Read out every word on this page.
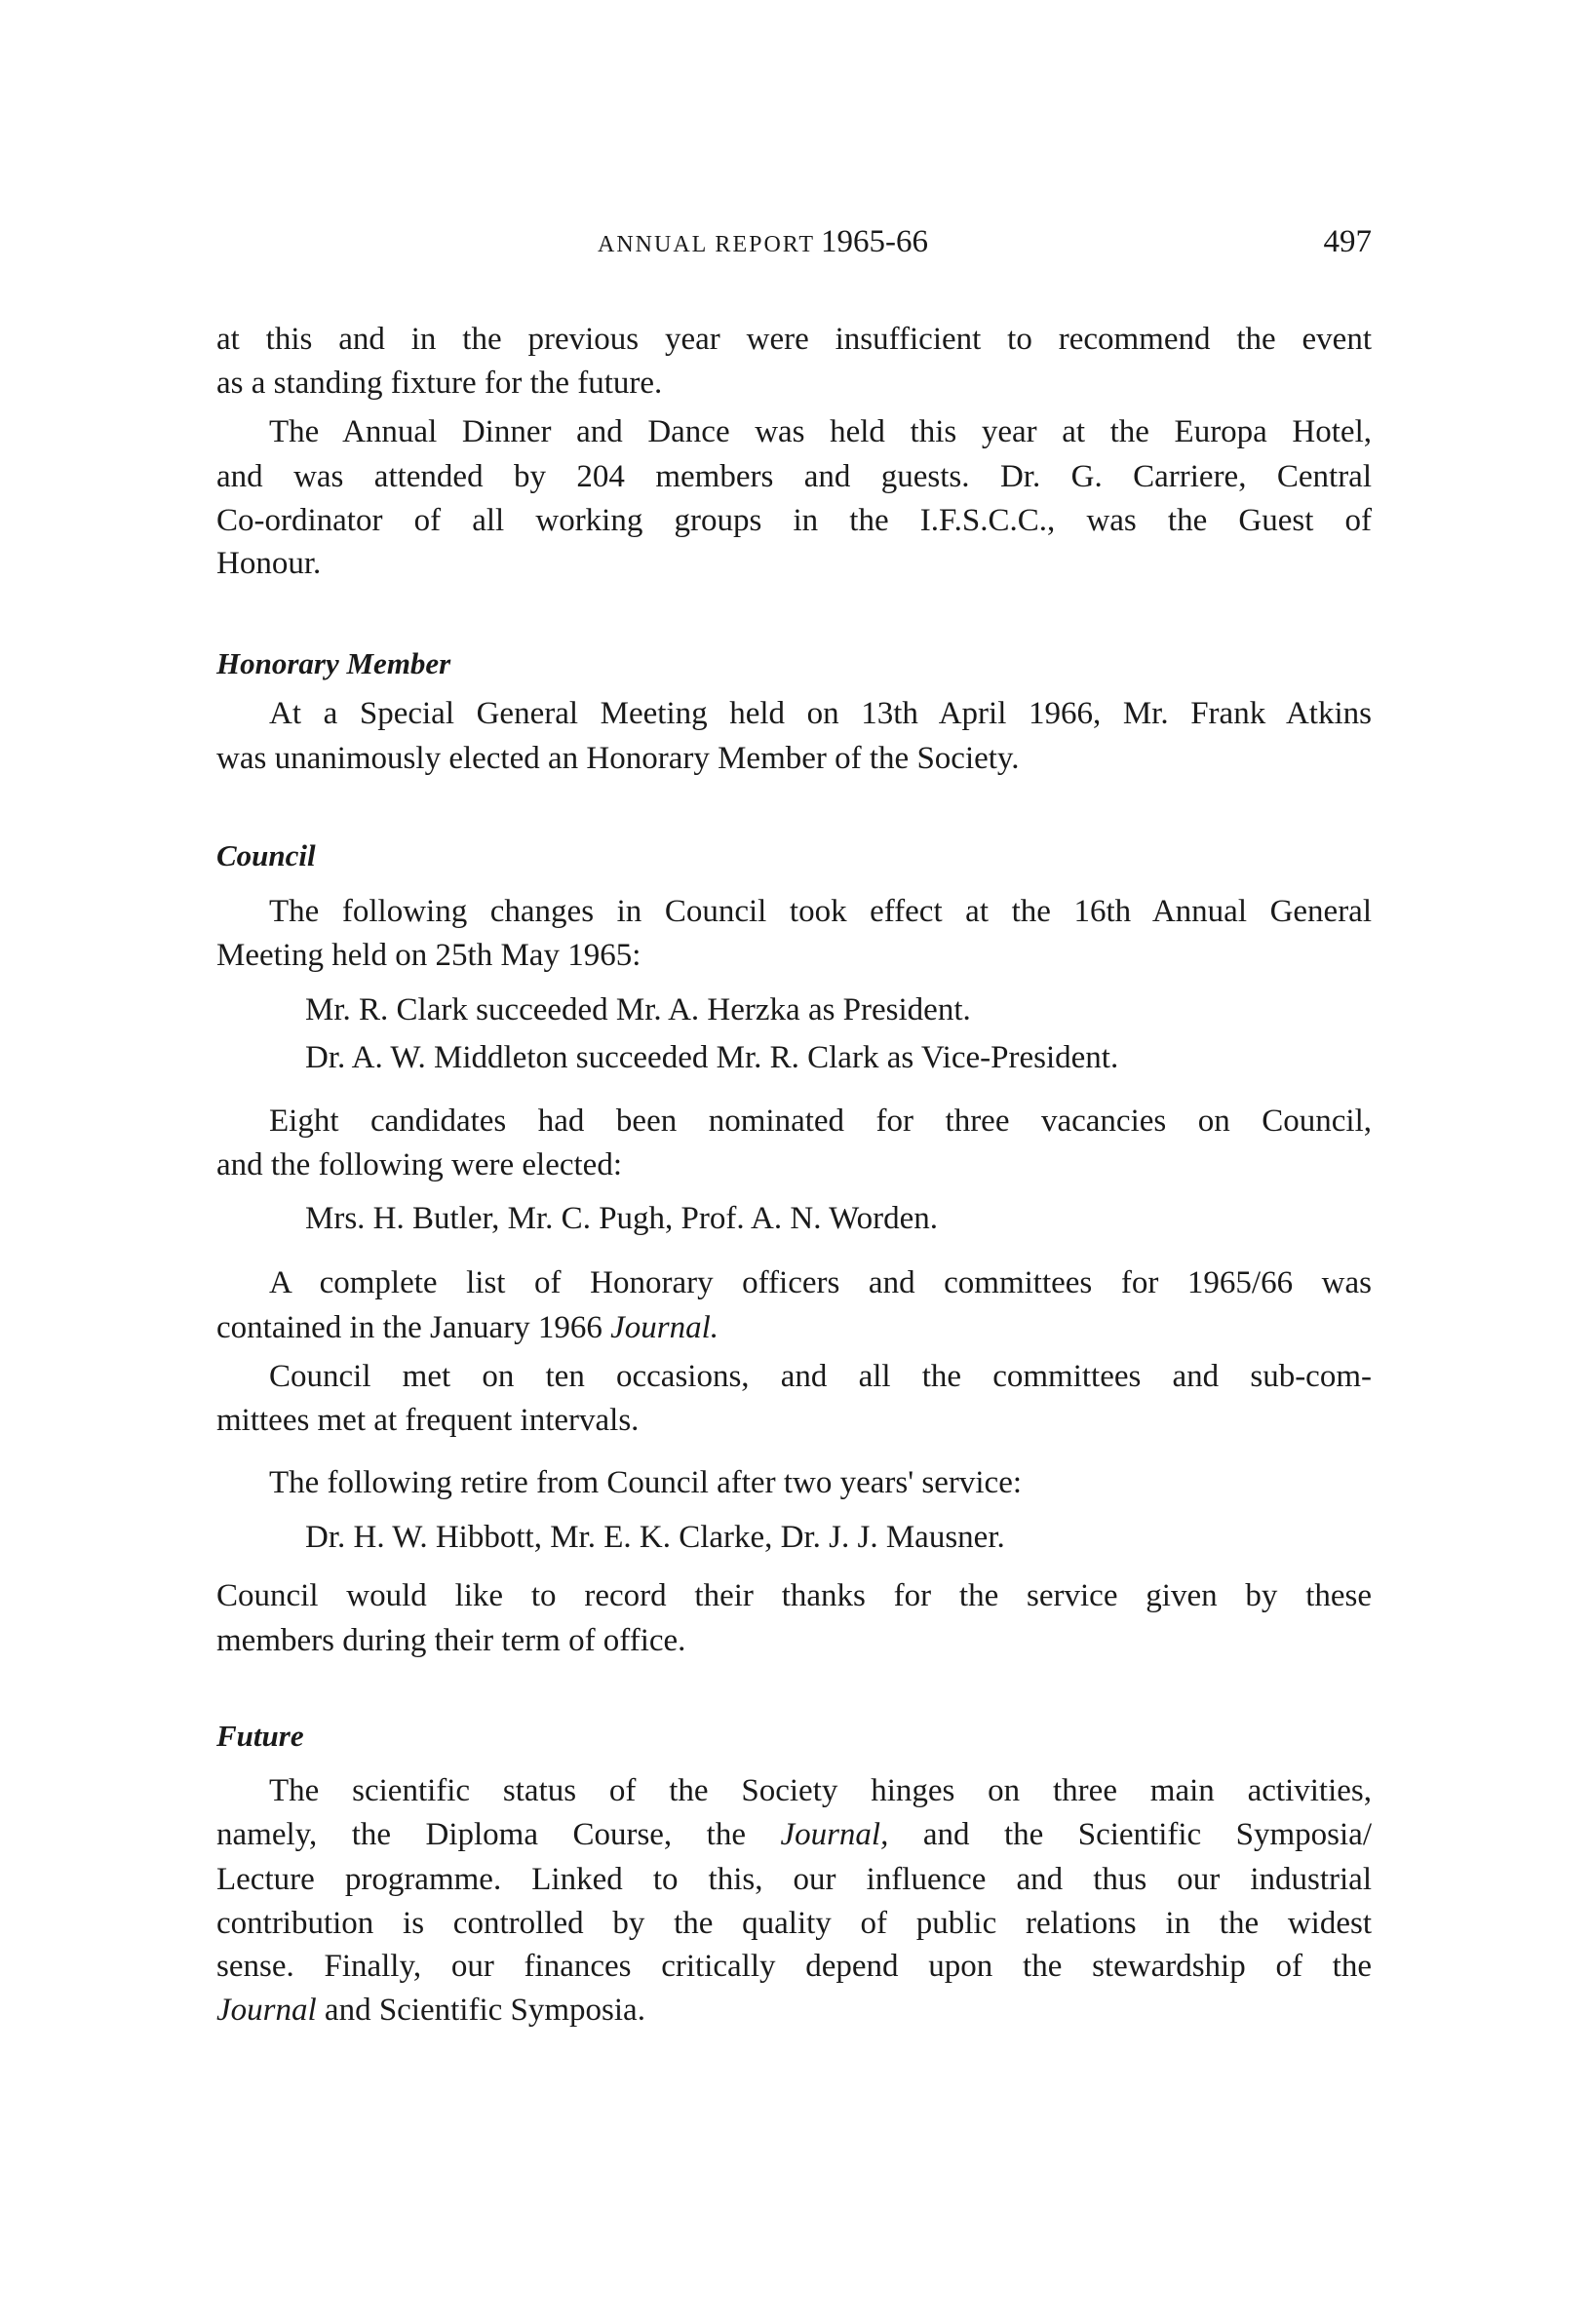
ANNUAL REPORT 1965-66	497
at this and in the previous year were insufficient to recommend the event
as a standing fixture for the future.
The Annual Dinner and Dance was held this year at the Europa Hotel,
and was attended by 204 members and guests. Dr. G. Carriere, Central
Co-ordinator of all working groups in the I.F.S.C.C., was the Guest of
Honour.
Honorary Member
At a Special General Meeting held on 13th April 1966, Mr. Frank Atkins
was unanimously elected an Honorary Member of the Society.
Council
The following changes in Council took effect at the 16th Annual General
Meeting held on 25th May 1965:
Mr. R. Clark succeeded Mr. A. Herzka as President.
Dr. A. W. Middleton succeeded Mr. R. Clark as Vice-President.
Eight candidates had been nominated for three vacancies on Council,
and the following were elected:
Mrs. H. Butler, Mr. C. Pugh, Prof. A. N. Worden.
A complete list of Honorary officers and committees for 1965/66 was
contained in the January 1966 Journal.
Council met on ten occasions, and all the committees and sub-com-
mittees met at frequent intervals.
The following retire from Council after two years' service:
Dr. H. W. Hibbott, Mr. E. K. Clarke, Dr. J. J. Mausner.
Council would like to record their thanks for the service given by these
members during their term of office.
Future
The scientific status of the Society hinges on three main activities,
namely, the Diploma Course, the Journal, and the Scientific Symposia/
Lecture programme. Linked to this, our influence and thus our industrial
contribution is controlled by the quality of public relations in the widest
sense. Finally, our finances critically depend upon the stewardship of the
Journal and Scientific Symposia.
